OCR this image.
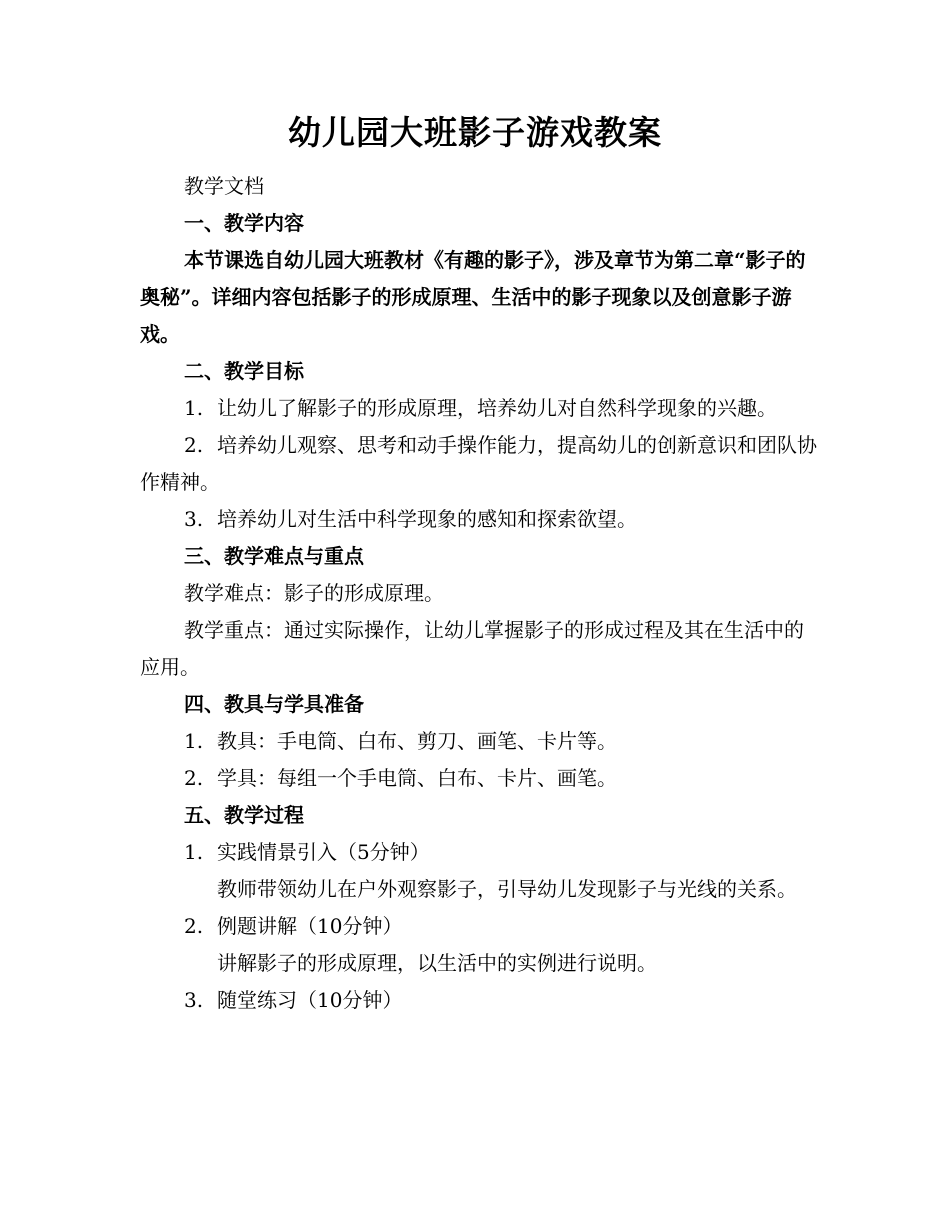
幼儿园大班影子游戏教案

教学文档

一、教学内容

本节课选自幼儿园大班教材《有趣的影子》，涉及章节为第二章“影子的奥秘”。详细内容包括影子的形成原理、生活中的影子现象以及创意影子游戏。

二、教学目标

1. 让幼儿了解影子的形成原理，培养幼儿对自然科学现象的兴趣。

2. 培养幼儿观察、思考和动手操作能力，提高幼儿的创新意识和团队协作精神。

3. 培养幼儿对生活中科学现象的感知和探索欲望。

三、教学难点与重点

教学难点：影子的形成原理。

教学重点：通过实际操作，让幼儿掌握影子的形成过程及其在生活中的应用。

四、教具与学具准备

1. 教具：手电筒、白布、剪刀、画笔、卡片等。

2. 学具：每组一个手电筒、白布、卡片、画笔。

五、教学过程

1. 实践情景引入（5分钟）

教师带领幼儿在户外观察影子，引导幼儿发现影子与光线的关系。

2. 例题讲解（10分钟）

讲解影子的形成原理，以生活中的实例进行说明。

3. 随堂练习（10分钟）
